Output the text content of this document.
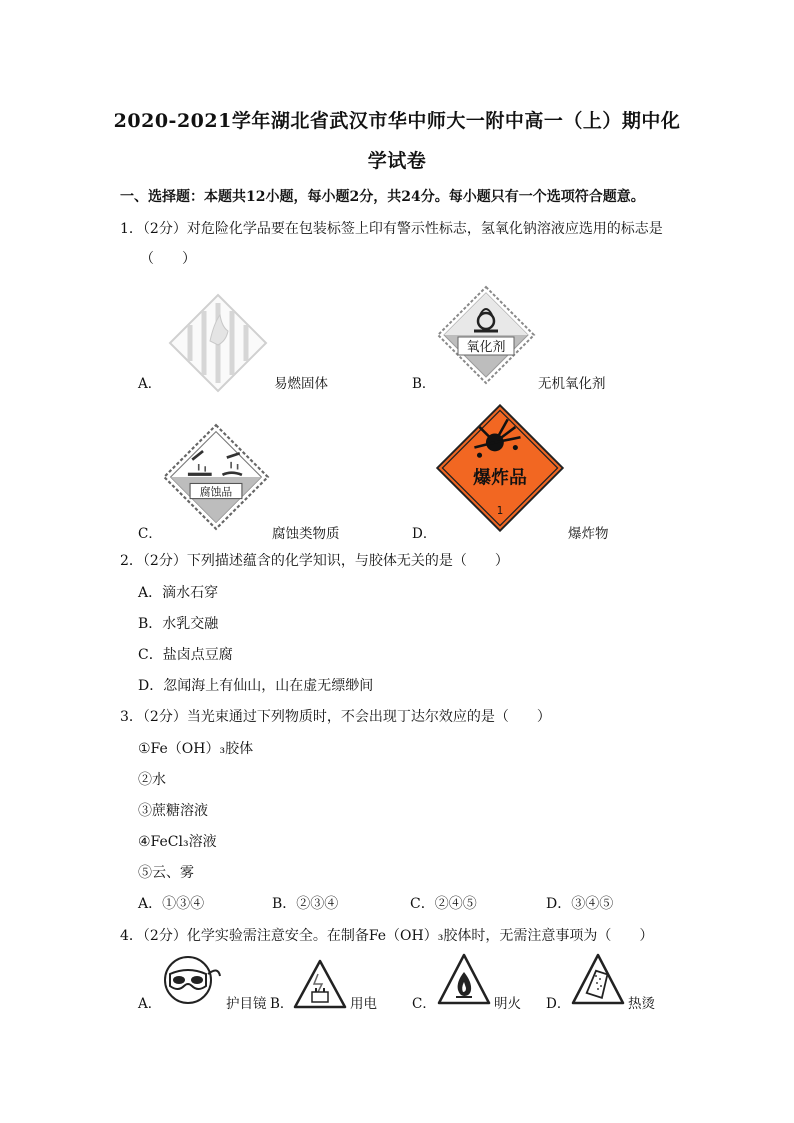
2020-2021学年湖北省武汉市华中师大一附中高一（上）期中化
学试卷
一、选择题：本题共12小题，每小题2分，共24分。每小题只有一个选项符合题意。
1．（2分）对危险化学品要在包装标签上印有警示性标志，氢氧化钠溶液应选用的标志是
（　　）
A．	易燃固体
氧化剂
B．	无机氧化剂
腐蚀品
C．	腐蚀类物质
爆炸品
1
D．	爆炸物
2．（2分）下列描述蕴含的化学知识，与胶体无关的是（　　）
A．滴水石穿
B．水乳交融
C．盐卤点豆腐
D．忽闻海上有仙山，山在虚无缥缈间
3．（2分）当光束通过下列物质时，不会出现丁达尔效应的是（　　）
①Fe（OH）₃胶体
②水
③蔗糖溶液
④FeCl₃溶液
⑤云、雾
A．①③④	B．②③④	C．②④⑤	D．③④⑤
4．（2分）化学实验需注意安全。在制备Fe（OH）₃胶体时，无需注意事项为（　　）
A．	护目镜 B．	用电	C．	明火 D．	热烫
